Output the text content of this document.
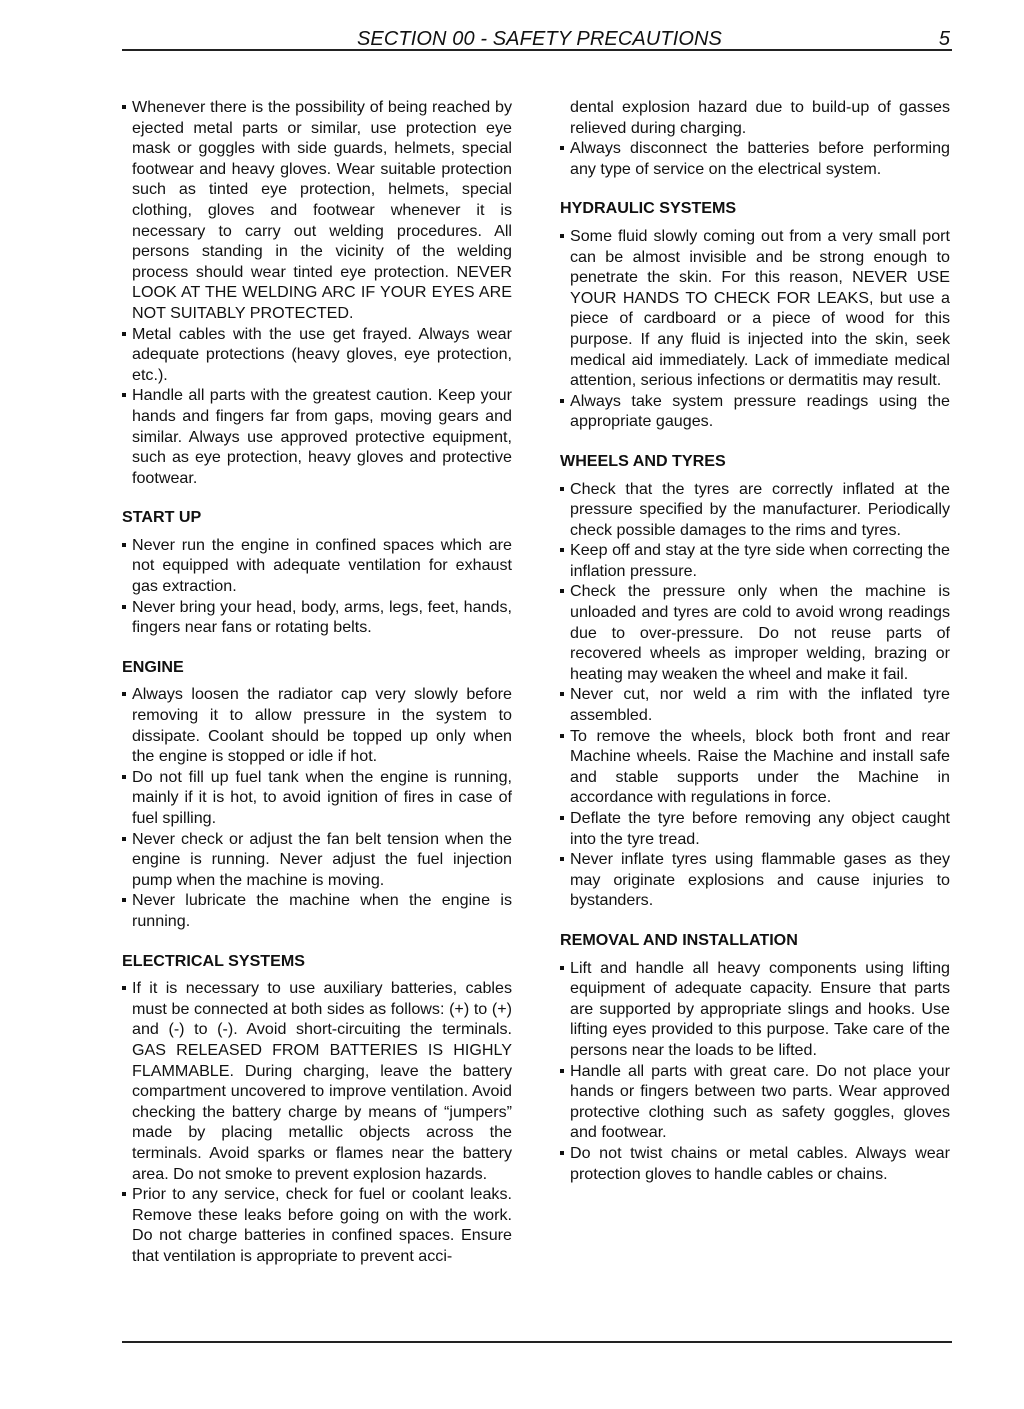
SECTION 00 - SAFETY PRECAUTIONS	5
Whenever there is the possibility of being reached by ejected metal parts or similar, use protection eye mask or goggles with side guards, helmets, special footwear and heavy gloves. Wear suitable protection such as tinted eye protection, helmets, special clothing, gloves and footwear whenever it is necessary to carry out welding procedures. All persons standing in the vicinity of the welding process should wear tinted eye protection. NEVER LOOK AT THE WELDING ARC IF YOUR EYES ARE NOT SUITABLY PROTECTED.
Metal cables with the use get frayed. Always wear adequate protections (heavy gloves, eye protection, etc.).
Handle all parts with the greatest caution. Keep your hands and fingers far from gaps, moving gears and similar. Always use approved protective equipment, such as eye protection, heavy gloves and protective footwear.
START UP
Never run the engine in confined spaces which are not equipped with adequate ventilation for exhaust gas extraction.
Never bring your head, body, arms, legs, feet, hands, fingers near fans or rotating belts.
ENGINE
Always loosen the radiator cap very slowly before removing it to allow pressure in the system to dissipate. Coolant should be topped up only when the engine is stopped or idle if hot.
Do not fill up fuel tank when the engine is running, mainly if it is hot, to avoid ignition of fires in case of fuel spilling.
Never check or adjust the fan belt tension when the engine is running. Never adjust the fuel injection pump when the machine is moving.
Never lubricate the machine when the engine is running.
ELECTRICAL SYSTEMS
If it is necessary to use auxiliary batteries, cables must be connected at both sides as follows: (+) to (+) and (-) to (-). Avoid short-circuiting the terminals. GAS RELEASED FROM BATTERIES IS HIGHLY FLAMMABLE. During charging, leave the battery compartment uncovered to improve ventilation. Avoid checking the battery charge by means of “jumpers” made by placing metallic objects across the terminals. Avoid sparks or flames near the battery area. Do not smoke to prevent explosion hazards.
Prior to any service, check for fuel or coolant leaks. Remove these leaks before going on with the work. Do not charge batteries in confined spaces. Ensure that ventilation is appropriate to prevent acci-
dental explosion hazard due to build-up of gasses relieved during charging.
Always disconnect the batteries before performing any type of service on the electrical system.
HYDRAULIC SYSTEMS
Some fluid slowly coming out from a very small port can be almost invisible and be strong enough to penetrate the skin. For this reason, NEVER USE YOUR HANDS TO CHECK FOR LEAKS, but use a piece of cardboard or a piece of wood for this purpose. If any fluid is injected into the skin, seek medical aid immediately. Lack of immediate medical attention, serious infections or dermatitis may result.
Always take system pressure readings using the appropriate gauges.
WHEELS AND TYRES
Check that the tyres are correctly inflated at the pressure specified by the manufacturer. Periodically check possible damages to the rims and tyres.
Keep off and stay at the tyre side when correcting the inflation pressure.
Check the pressure only when the machine is unloaded and tyres are cold to avoid wrong readings due to over-pressure. Do not reuse parts of recovered wheels as improper welding, brazing or heating may weaken the wheel and make it fail.
Never cut, nor weld a rim with the inflated tyre assembled.
To remove the wheels, block both front and rear Machine wheels. Raise the Machine and install safe and stable supports under the Machine in accordance with regulations in force.
Deflate the tyre before removing any object caught into the tyre tread.
Never inflate tyres using flammable gases as they may originate explosions and cause injuries to bystanders.
REMOVAL AND INSTALLATION
Lift and handle all heavy components using lifting equipment of adequate capacity. Ensure that parts are supported by appropriate slings and hooks. Use lifting eyes provided to this purpose. Take care of the persons near the loads to be lifted.
Handle all parts with great care. Do not place your hands or fingers between two parts. Wear approved protective clothing such as safety goggles, gloves and footwear.
Do not twist chains or metal cables. Always wear protection gloves to handle cables or chains.
